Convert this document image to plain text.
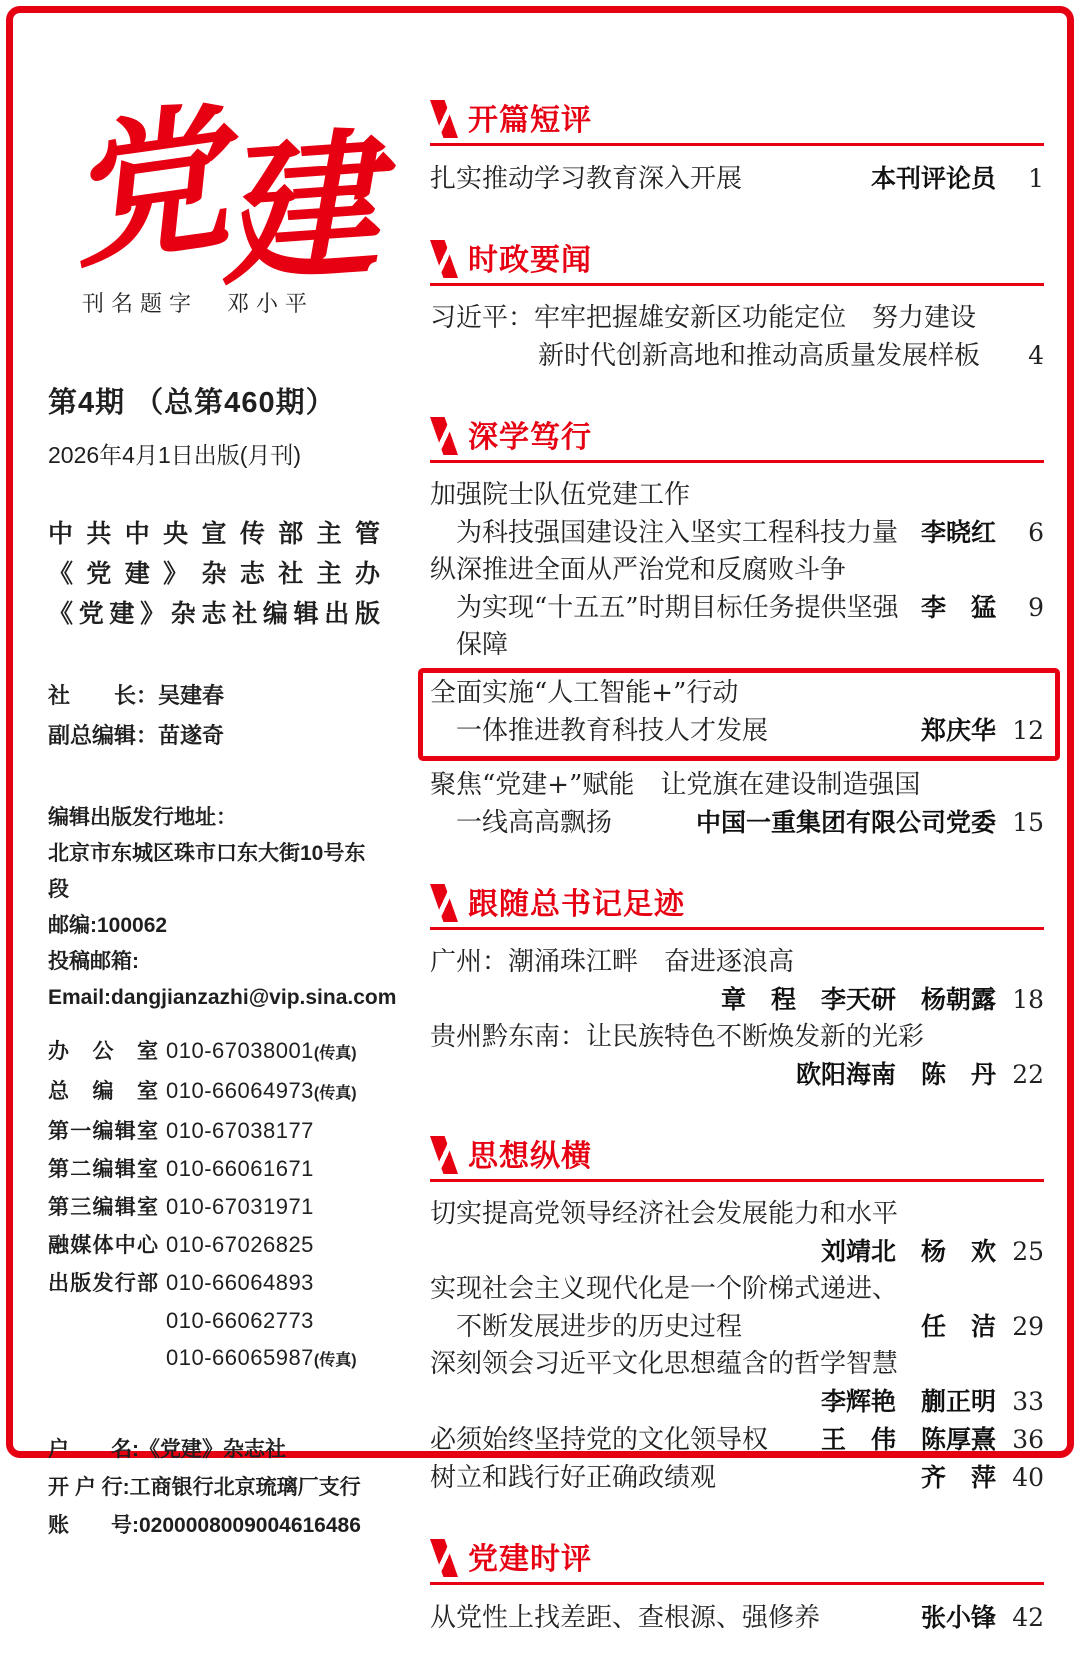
党
建
刊名题字　邓小平
第4期 （总第460期）
2026年4月1日出版(月刊)
中共中央宣传部主管
《党建》杂志社主办
《党建》杂志社编辑出版
社　　长：吴建春
副总编辑：苗遂奇
编辑出版发行地址：
北京市东城区珠市口东大街10号东段
邮编:100062
投稿邮箱:
Email:dangjianzazhi@vip.sina.com
办公室 010-67038001 (传真)
总编室 010-66064973 (传真)
第一编辑室 010-67038177
第二编辑室 010-66061671
第三编辑室 010-67031971
融媒体中心 010-67026825
出版发行部 010-66064893
010-66062773
010-66065987 (传真)
户　　名:《党建》杂志社
开 户 行:工商银行北京琉璃厂支行
账　　号:0200008009004616486
开篇短评
扎实推动学习教育深入开展	本刊评论员	1
时政要闻
习近平：牢牢把握雄安新区功能定位　努力建设
新时代创新高地和推动高质量发展样板	4
深学笃行
加强院士队伍党建工作
为科技强国建设注入坚实工程科技力量 李晓红	6
纵深推进全面从严治党和反腐败斗争
为实现“十五五”时期目标任务提供坚强保障
李　猛	9
全面实施“人工智能+”行动
一体推进教育科技人才发展	郑庆华 12
聚焦“党建+”赋能　让党旗在建设制造强国
一线高高飘扬	中国一重集团有限公司党委 15
跟随总书记足迹
广州：潮涌珠江畔　奋进逐浪高
章　程　李天研　杨朝露 18
贵州黔东南：让民族特色不断焕发新的光彩
欧阳海南　陈　丹 22
思想纵横
切实提高党领导经济社会发展能力和水平
刘靖北　杨　欢 25
实现社会主义现代化是一个阶梯式递进、
不断发展进步的历史过程	任　洁 29
深刻领会习近平文化思想蕴含的哲学智慧
李辉艳　蒯正明 33
必须始终坚持党的文化领导权	王　伟　陈厚熹 36
树立和践行好正确政绩观	齐　萍 40
党建时评
从党性上找差距、查根源、强修养	张小锋 42
